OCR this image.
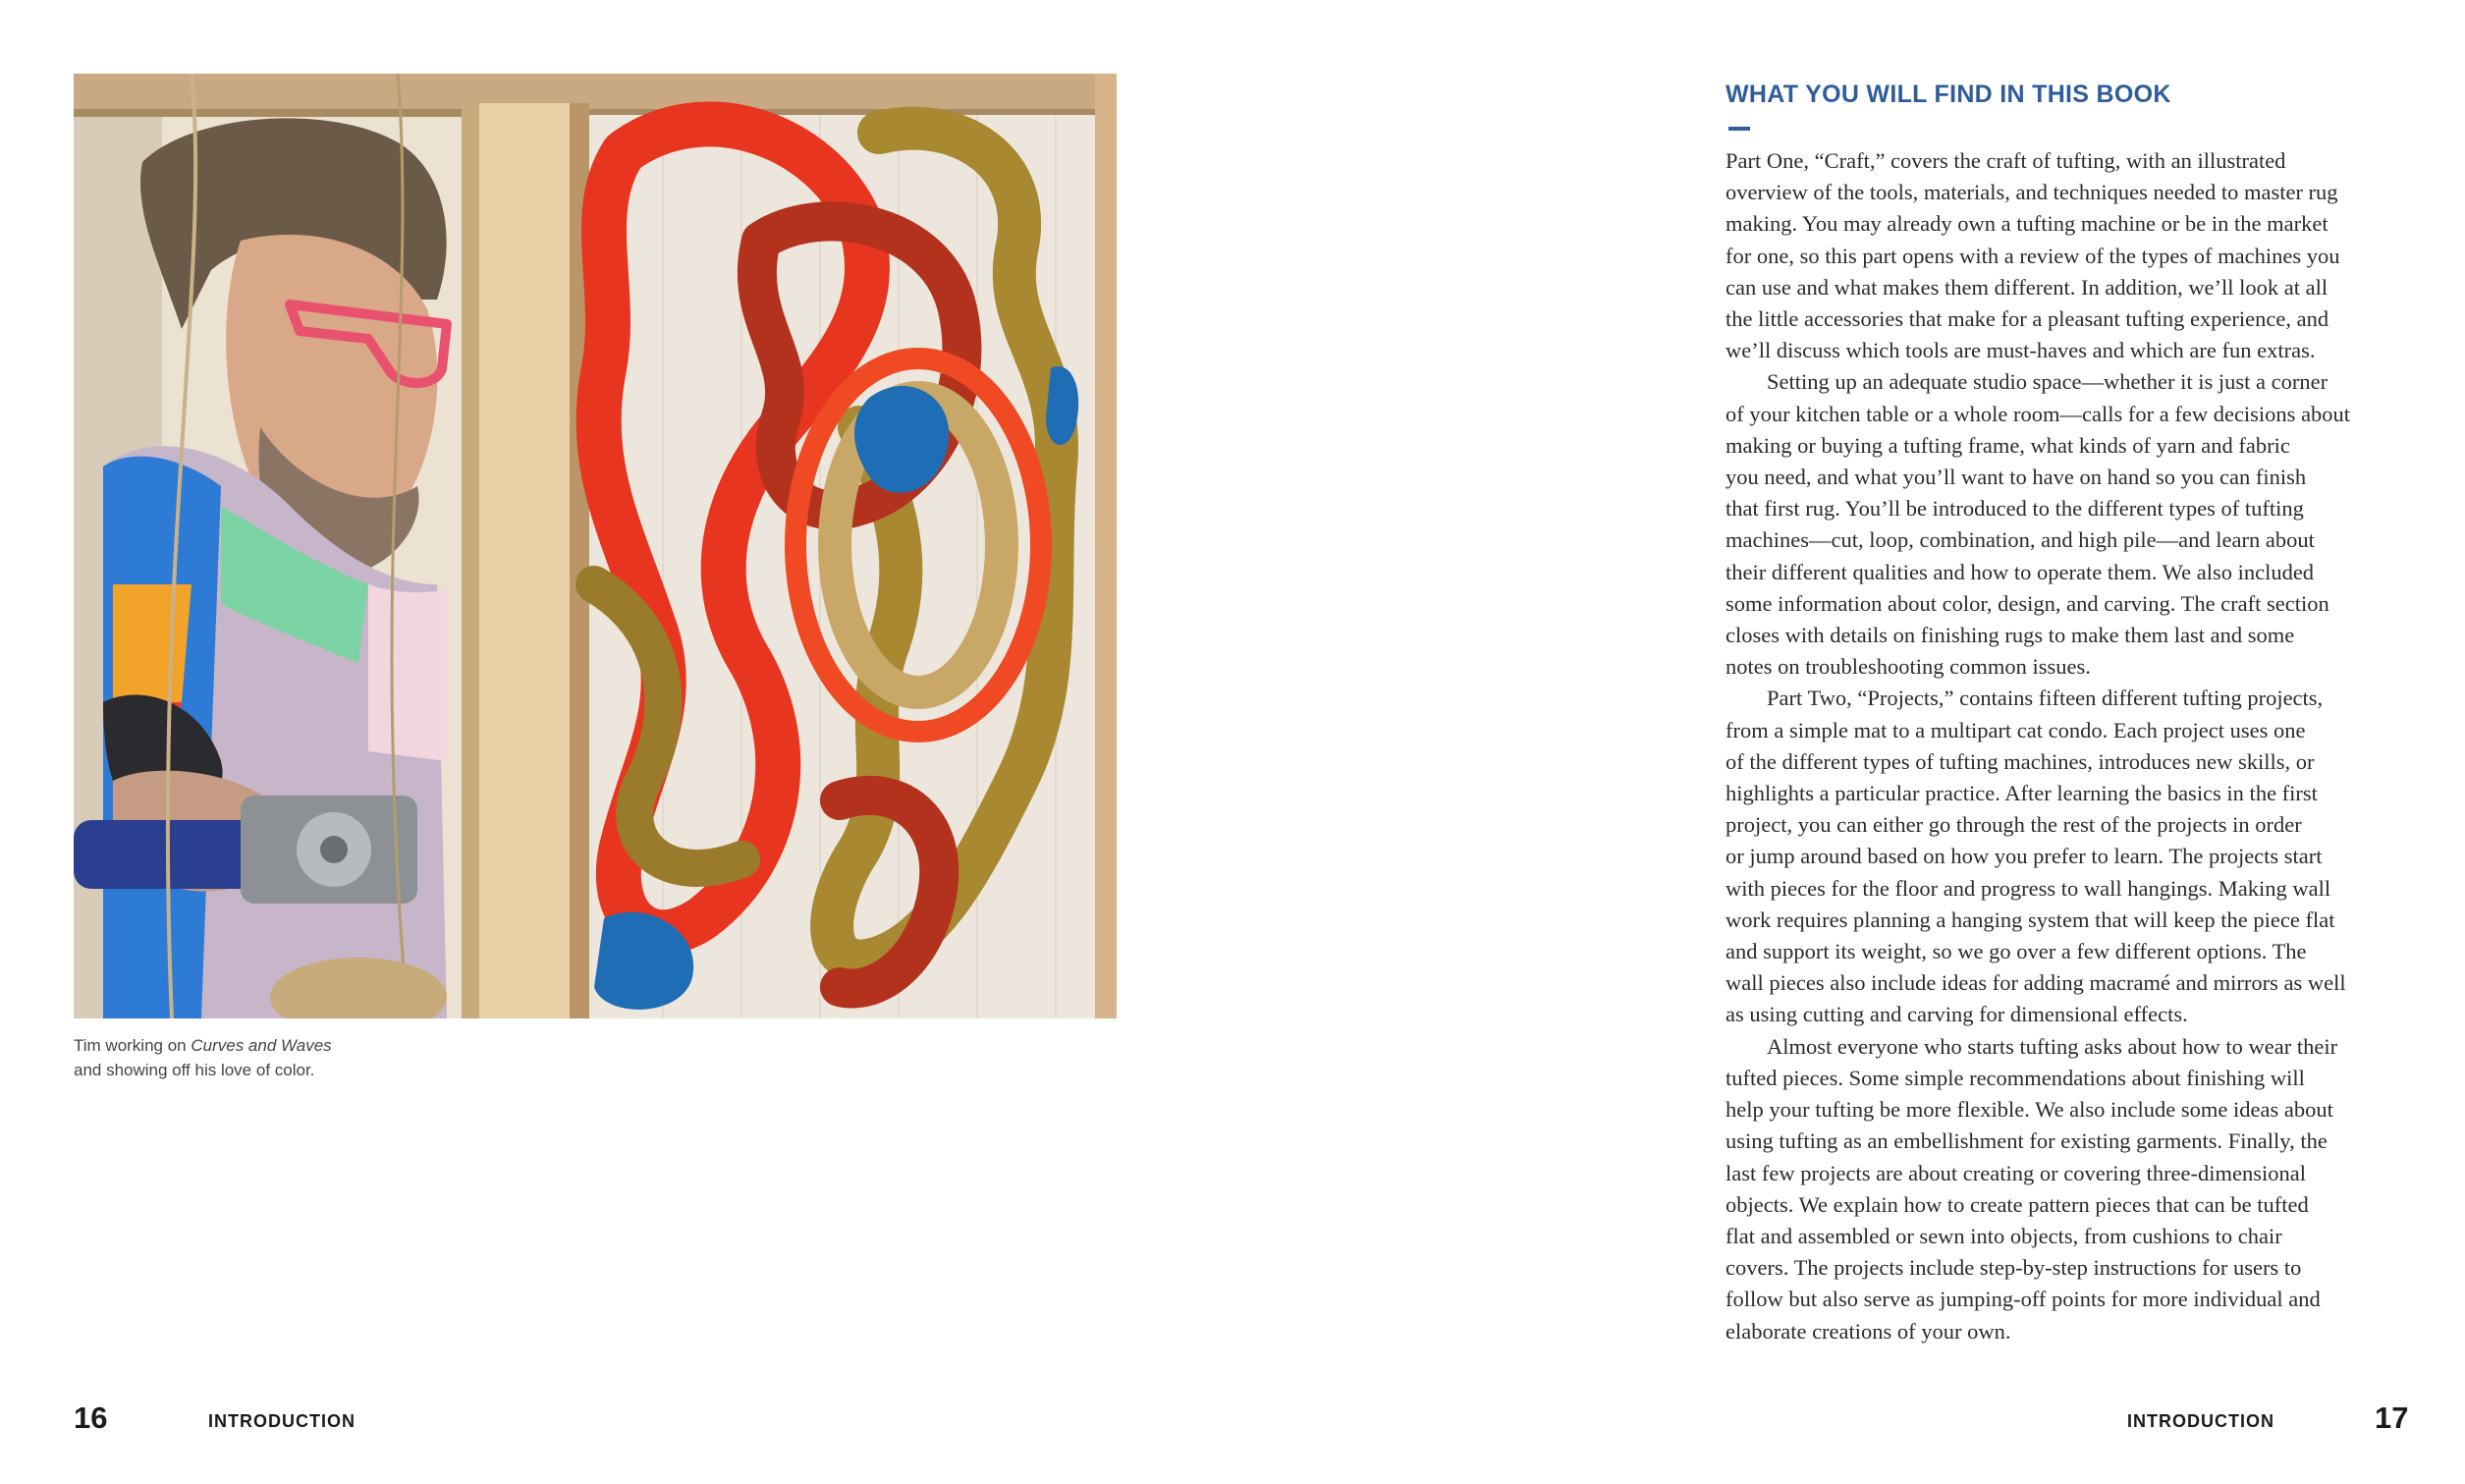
Tim working on Curves and Waves
and showing off his love of color.
16	INTRODUCTION
WHAT YOU WILL FIND IN THIS BOOK
Part One, “Craft,” covers the craft of tufting, with an illustrated
overview of the tools, materials, and techniques needed to master rug
making. You may already own a tufting machine or be in the market
for one, so this part opens with a review of the types of machines you
can use and what makes them different. In addition, we’ll look at all
the little accessories that make for a pleasant tufting experience, and
we’ll discuss which tools are must-haves and which are fun extras.
Setting up an adequate studio space—whether it is just a corner
of your kitchen table or a whole room—calls for a few decisions about
making or buying a tufting frame, what kinds of yarn and fabric
you need, and what you’ll want to have on hand so you can finish
that first rug. You’ll be introduced to the different types of tufting
machines—cut, loop, combination, and high pile—and learn about
their different qualities and how to operate them. We also included
some information about color, design, and carving. The craft section
closes with details on finishing rugs to make them last and some
notes on troubleshooting common issues.
Part Two, “Projects,” contains fifteen different tufting projects,
from a simple mat to a multipart cat condo. Each project uses one
of the different types of tufting machines, introduces new skills, or
highlights a particular practice. After learning the basics in the first
project, you can either go through the rest of the projects in order
or jump around based on how you prefer to learn. The projects start
with pieces for the floor and progress to wall hangings. Making wall
work requires planning a hanging system that will keep the piece flat
and support its weight, so we go over a few different options. The
wall pieces also include ideas for adding macramé and mirrors as well
as using cutting and carving for dimensional effects.
Almost everyone who starts tufting asks about how to wear their
tufted pieces. Some simple recommendations about finishing will
help your tufting be more flexible. We also include some ideas about
using tufting as an embellishment for existing garments. Finally, the
last few projects are about creating or covering three-dimensional
objects. We explain how to create pattern pieces that can be tufted
flat and assembled or sewn into objects, from cushions to chair
covers. The projects include step-by-step instructions for users to
follow but also serve as jumping-off points for more individual and
elaborate creations of your own.
INTRODUCTION	17
